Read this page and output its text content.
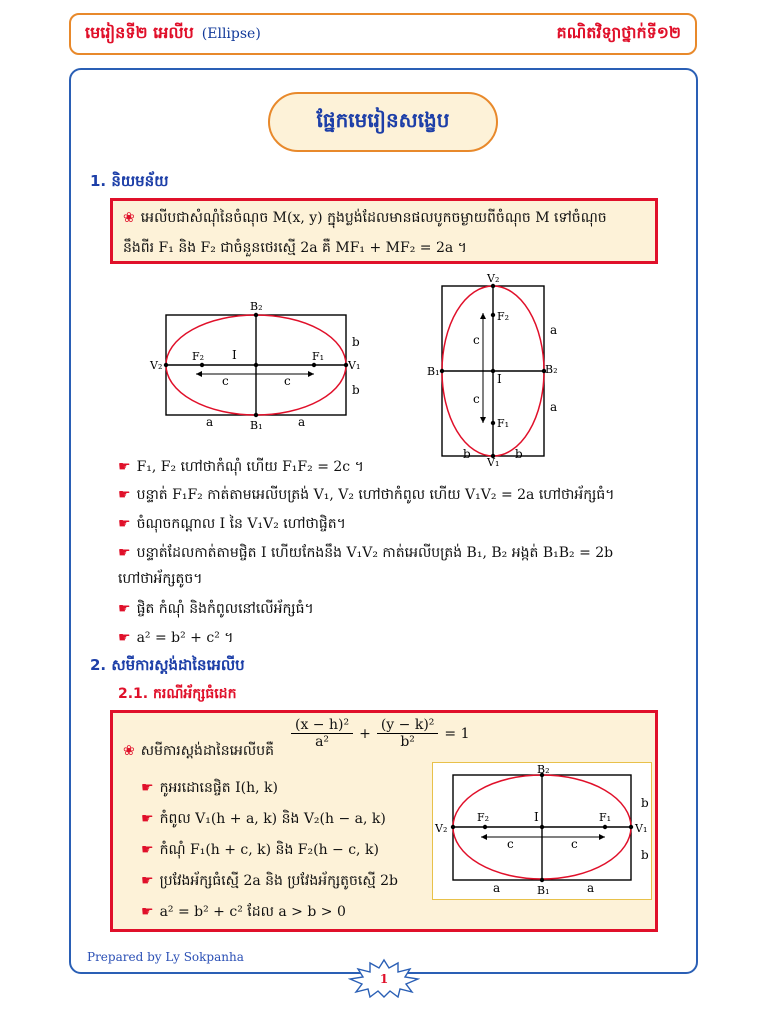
មេរៀនទី២ អេលីប (Ellipse)	គណិតវិទ្យាថ្នាក់ទី១២
ផ្នែកមេរៀនសង្ខេប
1. និយមន័យ
❀ អេលីបជាសំណុំនៃចំណុច M(x, y) ក្នុងប្លង់ដែលមានផលបូកចម្ងាយពីចំណុច M ទៅចំណុច
នឹងពីរ F₁ និង F₂ ជាចំនួនថេរស្មើ 2a គឺ MF₁ + MF₂ = 2a ។
V₂	V₁
B₂
B₁
F₂	F₁
I
c	c
a	a
b
b
V₂
V₁
B₁	B₂
F₂
F₁
I
c
c
a
a
b	b
☛ F₁, F₂ ហៅថាកំណុំ ហើយ F₁F₂ = 2c ។
☛ បន្ទាត់ F₁F₂ កាត់តាមអេលីបត្រង់ V₁, V₂ ហៅថាកំពូល ហើយ V₁V₂ = 2a ហៅថាអ័ក្សធំ។
☛ ចំណុចកណ្តាល I នៃ V₁V₂ ហៅថាផ្ចិត។
☛ បន្ទាត់ដែលកាត់តាមផ្ចិត I ហើយកែងនឹង V₁V₂ កាត់អេលីបត្រង់ B₁, B₂ អង្កត់ B₁B₂ = 2b
ហៅថាអ័ក្សតូច។
☛ ផ្ចិត កំណុំ និងកំពូលនៅលើអ័ក្សធំ។
☛ a² = b² + c² ។
2. សមីការស្តង់ដានៃអេលីប
2.1. ករណីអ័ក្សធំដេក
❀ សមីការស្តង់ដានៃអេលីបគឺ
$\frac{\text{(x − h)²}}{\text{a²}} + \frac{\text{(y − k)²}}{\text{b²}} = 1$
☛ កូអរដោនេផ្ចិត I(h, k)
☛ កំពូល V₁(h + a, k) និង V₂(h − a, k)
☛ កំណុំ F₁(h + c, k) និង F₂(h − c, k)
☛ ប្រវែងអ័ក្សធំស្មើ 2a និង ប្រវែងអ័ក្សតូចស្មើ 2b
☛ a² = b² + c² ដែល a > b > 0
V₂	V₁
B₂
B₁
F₂	F₁
I
c	c
a	a
b
b
Prepared by Ly Sokpanha
1
